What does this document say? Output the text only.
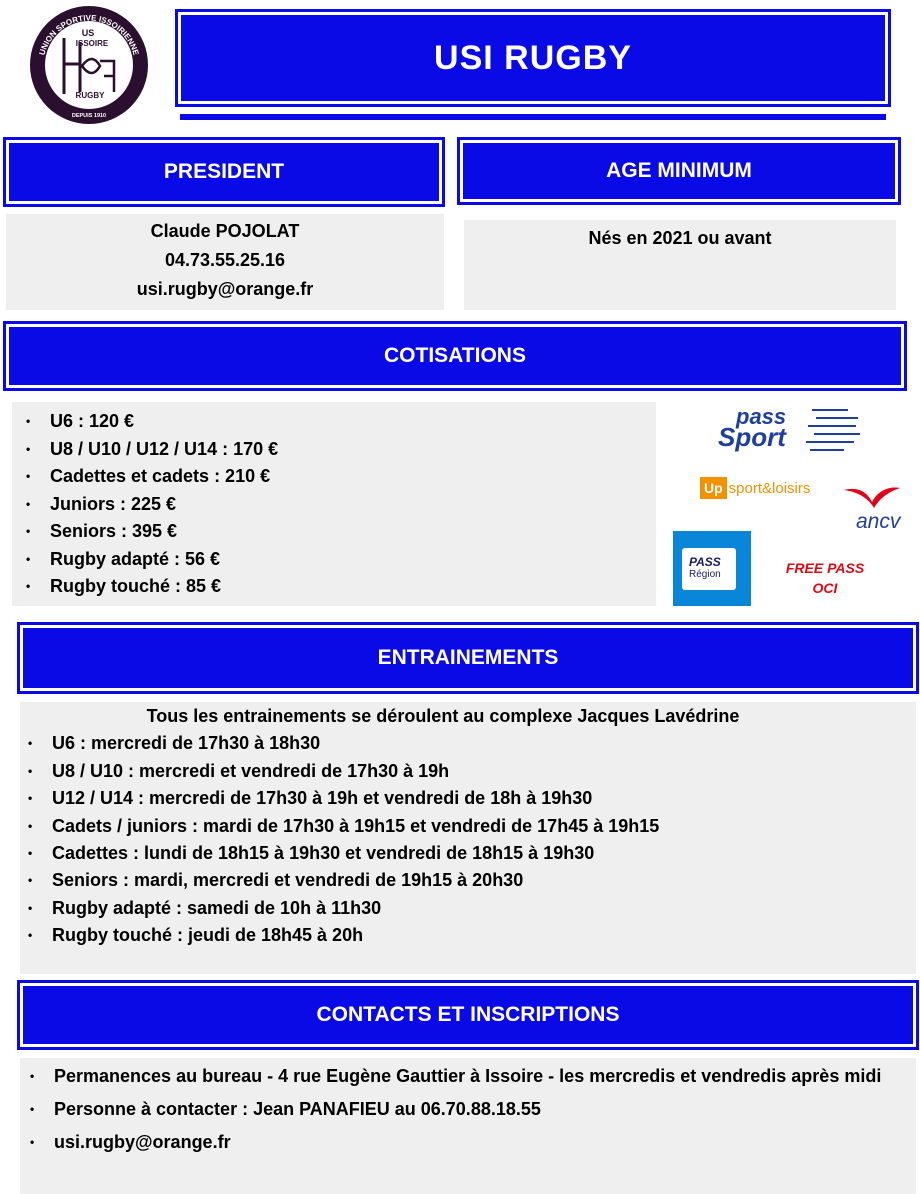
UNION SPORTIVE ISSOIRIENNE
US
ISSOIRE
RUGBY
DEPUIS 1910
USI RUGBY
PRESIDENT
Claude POJOLAT
04.73.55.25.16
usi.rugby@orange.fr
AGE MINIMUM
Nés en 2021 ou avant
COTISATIONS
• U6 : 120 €
• U8 / U10 / U12 / U14 : 170 €
• Cadettes et cadets : 210 €
• Juniors : 225 €
• Seniors : 395 €
• Rugby adapté : 56 €
• Rugby touché : 85 €
pass
Sport
Up sport&loisirs
ancv
PASS
Région	FREE PASS
OCI
ENTRAINEMENTS
Tous les entrainements se déroulent au complexe Jacques Lavédrine
• U6 : mercredi de 17h30 à 18h30
• U8 / U10 : mercredi et vendredi de 17h30 à 19h
• U12 / U14 : mercredi de 17h30 à 19h et vendredi de 18h à 19h30
• Cadets / juniors : mardi de 17h30 à 19h15 et vendredi de 17h45 à 19h15
• Cadettes : lundi de 18h15 à 19h30 et vendredi de 18h15 à 19h30
• Seniors : mardi, mercredi et vendredi de 19h15 à 20h30
• Rugby adapté : samedi de 10h à 11h30
• Rugby touché : jeudi de 18h45 à 20h
CONTACTS ET INSCRIPTIONS
• Permanences au bureau - 4 rue Eugène Gauttier à Issoire - les mercredis et vendredis après midi
• Personne à contacter : Jean PANAFIEU au 06.70.88.18.55
• usi.rugby@orange.fr
